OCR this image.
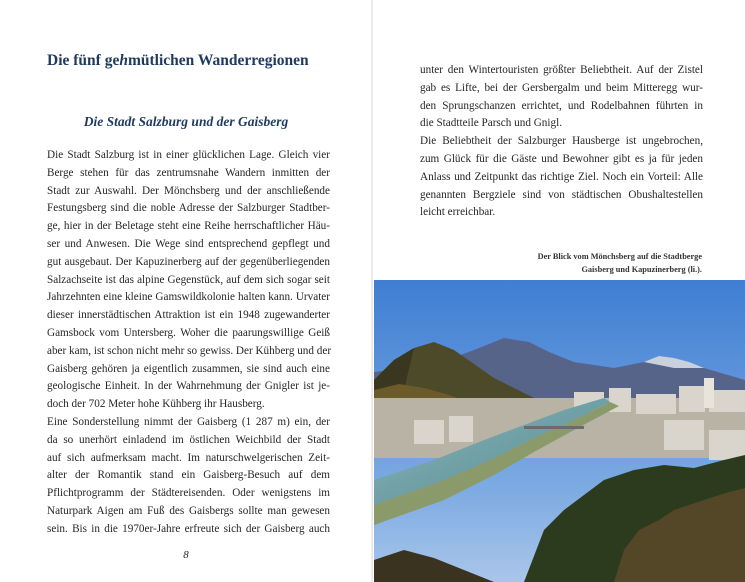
Die fünf gehmütlichen Wanderregionen
Die Stadt Salzburg und der Gaisberg
Die Stadt Salzburg ist in einer glücklichen Lage. Gleich vier
Berge stehen für das zentrumsnahe Wandern inmitten der
Stadt zur Auswahl. Der Mönchsberg und der anschließende
Festungsberg sind die noble Adresse der Salzburger Stadtber-
ge, hier in der Beletage steht eine Reihe herrschaftlicher Häu-
ser und Anwesen. Die Wege sind entsprechend gepflegt und
gut ausgebaut. Der Kapuzinerberg auf der gegenüberliegenden
Salzachseite ist das alpine Gegenstück, auf dem sich sogar seit
Jahrzehnten eine kleine Gamswildkolonie halten kann. Urvater
dieser innerstädtischen Attraktion ist ein 1948 zugewanderter
Gamsbock vom Untersberg. Woher die paarungswillige Geiß
aber kam, ist schon nicht mehr so gewiss. Der Kühberg und der
Gaisberg gehören ja eigentlich zusammen, sie sind auch eine
geologische Einheit. In der Wahrnehmung der Gnigler ist je-
doch der 702 Meter hohe Kühberg ihr Hausberg.
Eine Sonderstellung nimmt der Gaisberg (1 287 m) ein, der
da so unerhört einladend im östlichen Weichbild der Stadt
auf sich aufmerksam macht. Im naturschwelgerischen Zeit-
alter der Romantik stand ein Gaisberg-Besuch auf dem
Pflichtprogramm der Städtereisenden. Oder wenigstens im
Naturpark Aigen am Fuß des Gaisbergs sollte man gewesen
sein. Bis in die 1970er-Jahre erfreute sich der Gaisberg auch

8

unter den Wintertouristen größter Beliebtheit. Auf der Zistel
gab es Lifte, bei der Gersbergalm und beim Mitteregg wur-
den Sprungschanzen errichtet, und Rodelbahnen führten in
die Stadtteile Parsch und Gnigl.
Die Beliebtheit der Salzburger Hausberge ist ungebrochen,
zum Glück für die Gäste und Bewohner gibt es ja für jeden
Anlass und Zeitpunkt das richtige Ziel. Noch ein Vorteil: Alle
genannten Bergziele sind von städtischen Obushaltestellen
leicht erreichbar.

Der Blick vom Mönchsberg auf die Stadtberge
Gaisberg und Kapuzinerberg (li.).
